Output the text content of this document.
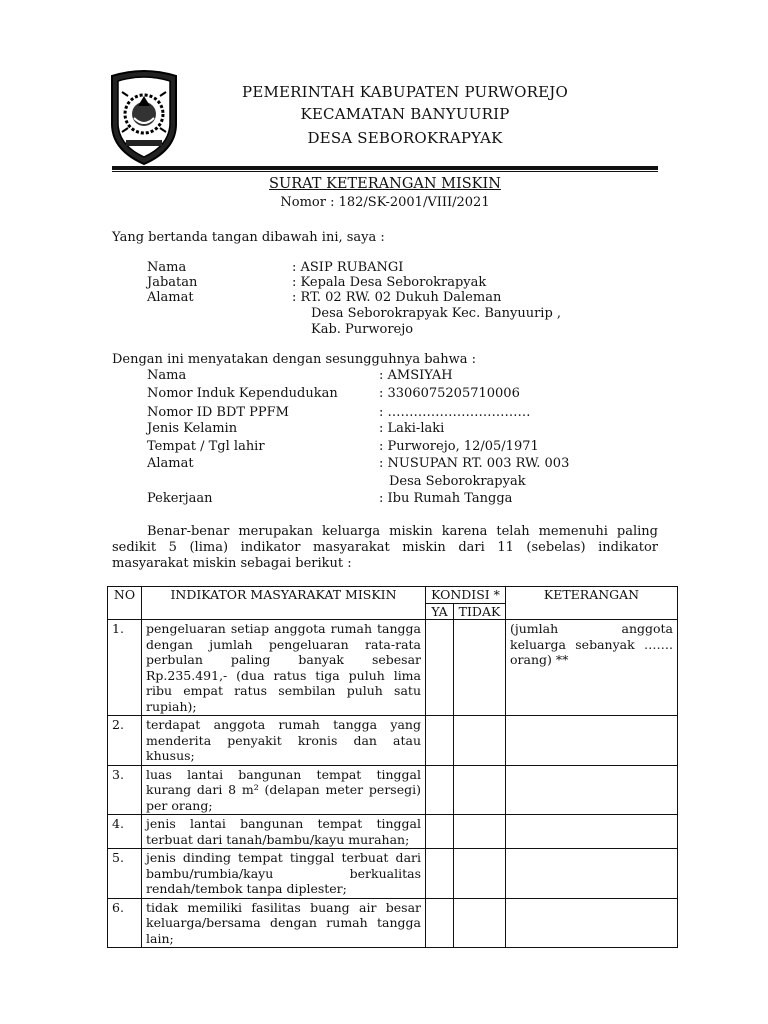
PEMERINTAH KABUPATEN PURWOREJO
KECAMATAN BANYUURIP
DESA SEBOROKRAPYAK
SURAT KETERANGAN MISKIN
Nomor : 182/SK-2001/VIII/2021
Yang bertanda tangan dibawah ini, saya :
Nama	: ASIP RUBANGI
Jabatan	: Kepala Desa Seborokrapyak
Alamat	: RT. 02 RW. 02 Dukuh Daleman
Desa Seborokrapyak Kec. Banyuurip ,
Kab. Purworejo
Dengan ini menyatakan dengan sesungguhnya bahwa :
Nama	: AMSIYAH
Nomor Induk Kependudukan	: 3306075205710006
Nomor ID BDT PPFM	: ……………………………
Jenis Kelamin	: Laki-laki
Tempat / Tgl lahir	: Purworejo, 12/05/1971
Alamat	: NUSUPAN RT. 003 RW. 003
Desa Seborokrapyak
Pekerjaan	: Ibu Rumah Tangga
Benar-benar merupakan keluarga miskin karena telah memenuhi paling sedikit 5 (lima) indikator masyarakat miskin dari 11 (sebelas) indikator masyarakat miskin sebagai berikut :
NO	INDIKATOR MASYARAKAT MISKIN	KONDISI *		KETERANGAN
		YA	TIDAK	
1.	pengeluaran setiap anggota rumah tangga dengan jumlah pengeluaran rata-rata perbulan paling banyak sebesar Rp.235.491,- (dua ratus tiga puluh lima ribu empat ratus sembilan puluh satu rupiah);			(jumlah anggota keluarga sebanyak ……. orang) **
2.	terdapat anggota rumah tangga yang menderita penyakit kronis dan atau khusus;			
3.	luas lantai bangunan tempat tinggal kurang dari 8 m² (delapan meter persegi) per orang;			
4.	jenis lantai bangunan tempat tinggal terbuat dari tanah/bambu/kayu murahan;			
5.	jenis dinding tempat tinggal terbuat dari bambu/rumbia/kayu berkualitas rendah/tembok tanpa diplester;			
6.	tidak memiliki fasilitas buang air besar keluarga/bersama dengan rumah tangga lain;			
